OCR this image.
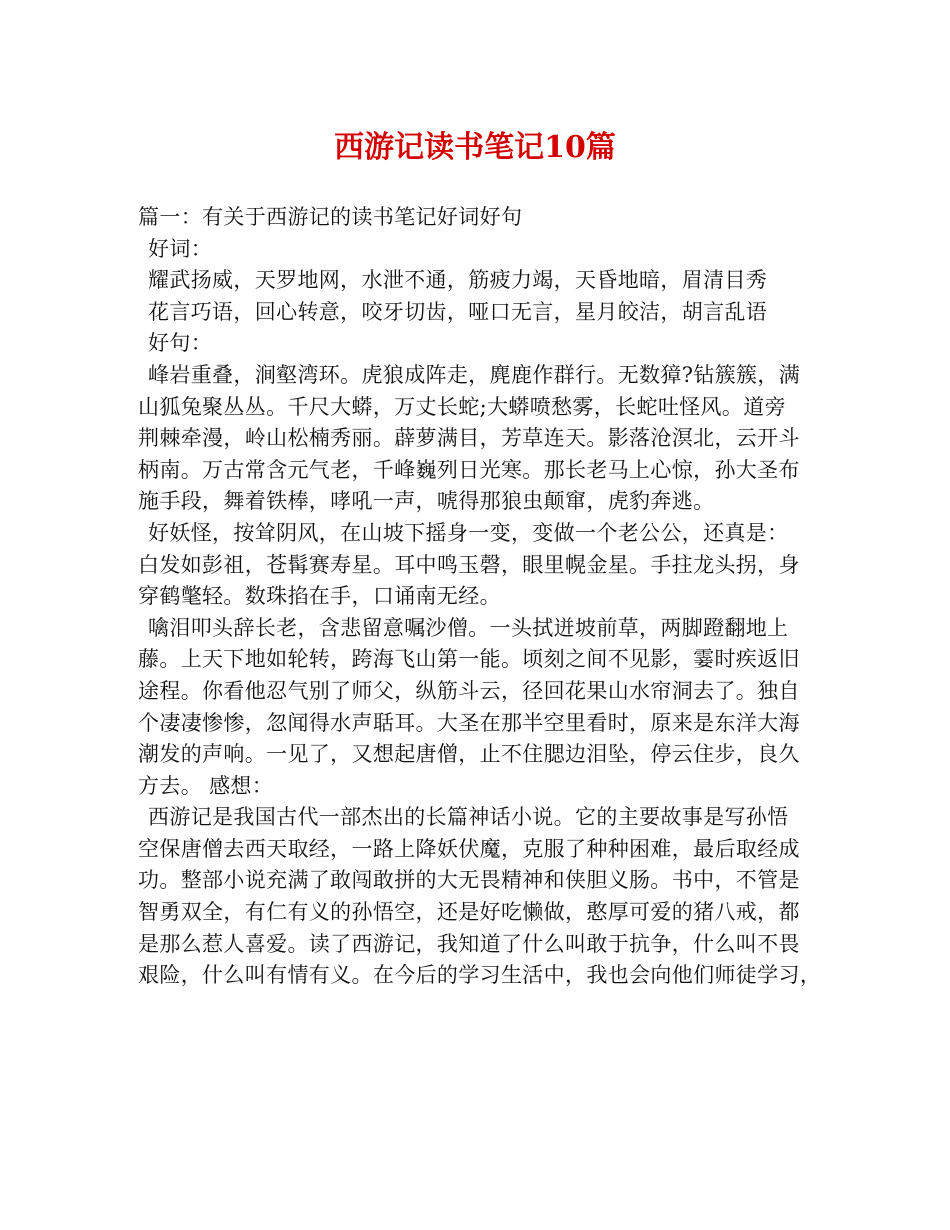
西游记读书笔记10篇
篇一：有关于西游记的读书笔记好词好句
好词：
耀武扬威，天罗地网，水泄不通，筋疲力竭，天昏地暗，眉清目秀
花言巧语，回心转意，咬牙切齿，哑口无言，星月皎洁，胡言乱语
好句：
峰岩重叠，涧壑湾环。虎狼成阵走，麂鹿作群行。无数獐?钻簇簇，满
山狐兔聚丛丛。千尺大蟒，万丈长蛇;大蟒喷愁雾，长蛇吐怪风。道旁
荆棘牵漫，岭山松楠秀丽。薜萝满目，芳草连天。影落沧溟北，云开斗
柄南。万古常含元气老，千峰巍列日光寒。那长老马上心惊，孙大圣布
施手段，舞着铁棒，哮吼一声，唬得那狼虫颠窜，虎豹奔逃。
好妖怪，按耸阴风，在山坡下摇身一变，变做一个老公公，还真是：
白发如彭祖，苍髯赛寿星。耳中鸣玉磬，眼里幌金星。手拄龙头拐，身
穿鹤氅轻。数珠掐在手，口诵南无经。
噙泪叩头辞长老，含悲留意嘱沙僧。一头拭迸坡前草，两脚蹬翻地上
藤。上天下地如轮转，跨海飞山第一能。顷刻之间不见影，霎时疾返旧
途程。你看他忍气别了师父，纵筋斗云，径回花果山水帘洞去了。独自
个凄凄惨惨，忽闻得水声聒耳。大圣在那半空里看时，原来是东洋大海
潮发的声响。一见了，又想起唐僧，止不住腮边泪坠，停云住步，良久
方去。 感想：
西游记是我国古代一部杰出的长篇神话小说。它的主要故事是写孙悟
空保唐僧去西天取经，一路上降妖伏魔，克服了种种困难，最后取经成
功。整部小说充满了敢闯敢拼的大无畏精神和侠胆义肠。书中，不管是
智勇双全，有仁有义的孙悟空，还是好吃懒做，憨厚可爱的猪八戒，都
是那么惹人喜爱。读了西游记，我知道了什么叫敢于抗争，什么叫不畏
艰险，什么叫有情有义。在今后的学习生活中，我也会向他们师徒学习，
